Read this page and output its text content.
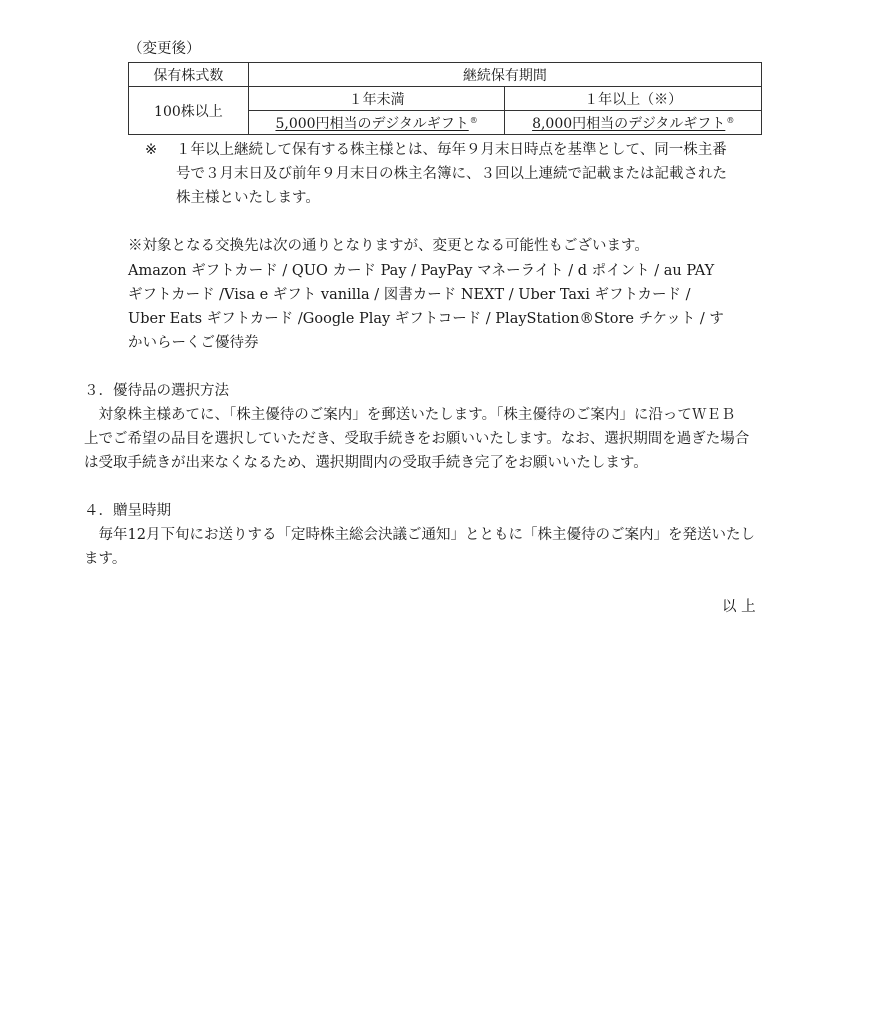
（変更後）
保有株式数	継続保有期間	
100株以上	１年未満	１年以上（※）
	5,000円相当のデジタルギフト®	8,000円相当のデジタルギフト®
※ １年以上継続して保有する株主様とは、毎年９月末日時点を基準として、同一株主番
号で３月末日及び前年９月末日の株主名簿に、３回以上連続で記載または記載された
株主様といたします。
※対象となる交換先は次の通りとなりますが、変更となる可能性もございます。
Amazon ギフトカード / QUO カード Pay / PayPay マネーライト / d ポイント / au PAY
ギフトカード /Visa e ギフト vanilla / 図書カード NEXT / Uber Taxi ギフトカード /
Uber Eats ギフトカード /Google Play ギフトコード / PlayStation®Store チケット / す
かいらーくご優待券
３．優待品の選択方法
　対象株主様あてに、「株主優待のご案内」を郵送いたします。「株主優待のご案内」に沿ってＷＥＢ
上でご希望の品目を選択していただき、受取手続きをお願いいたします。なお、選択期間を過ぎた場合
は受取手続きが出来なくなるため、選択期間内の受取手続き完了をお願いいたします。
４．贈呈時期
　毎年12月下旬にお送りする「定時株主総会決議ご通知」とともに「株主優待のご案内」を発送いたし
ます。
以 上
